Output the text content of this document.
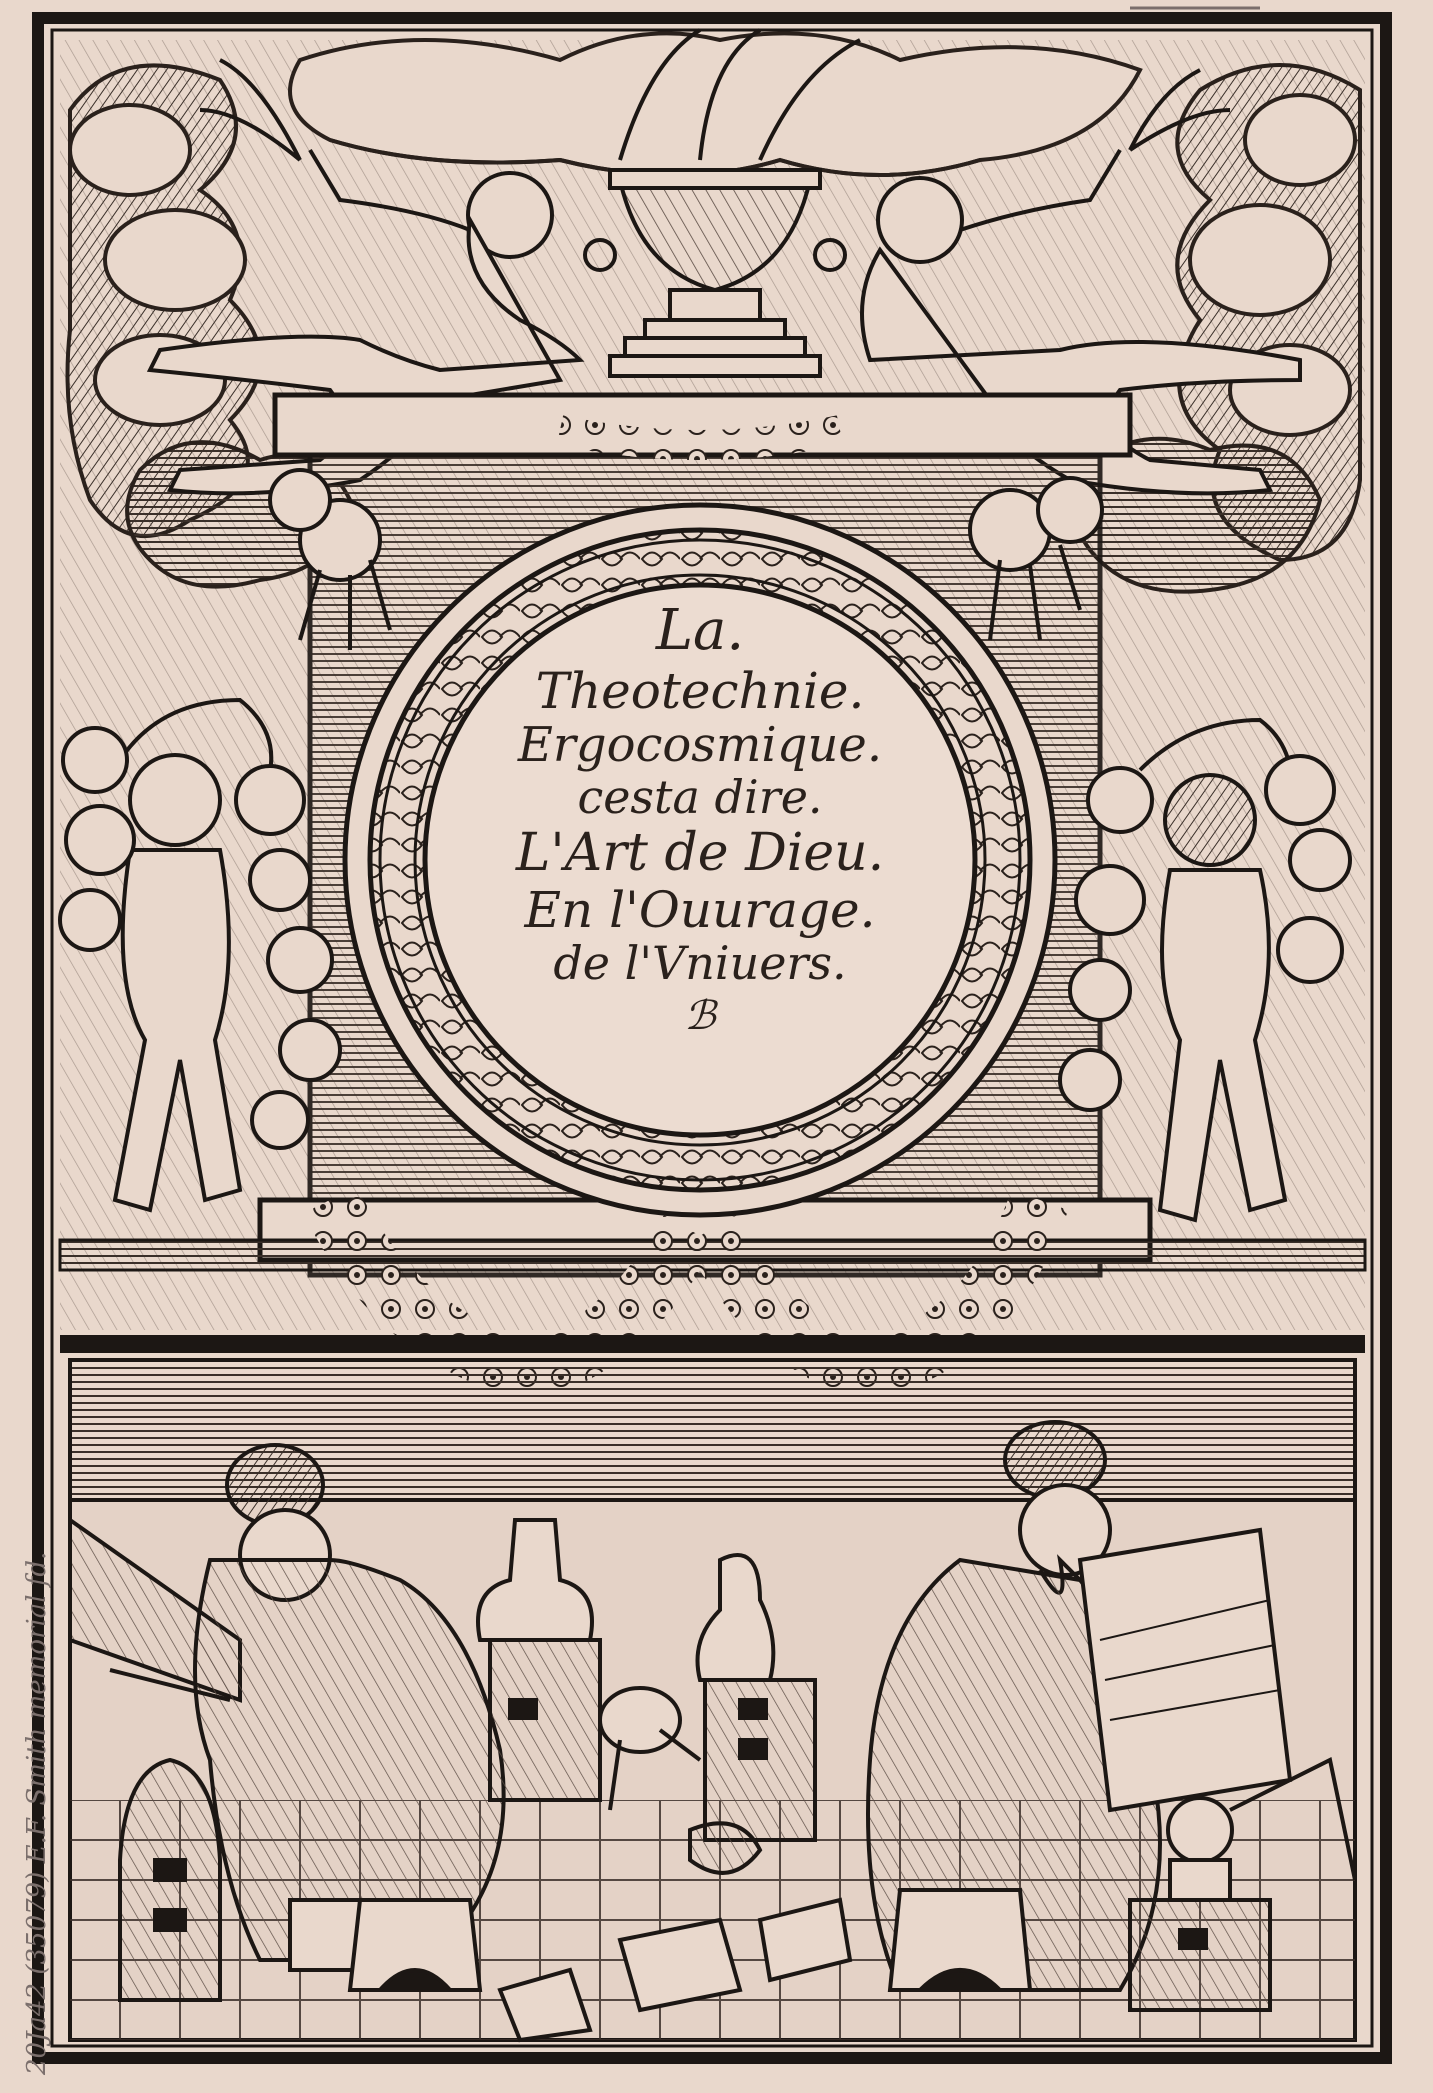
La.
Theotechnie.
Ergocosmique.
cesta dire.
L'Art de Dieu.
En l'Ouurage.
de l'Vniuers.
ℬ
20Ja42 (35079) E.F. Smith memorial fd.
